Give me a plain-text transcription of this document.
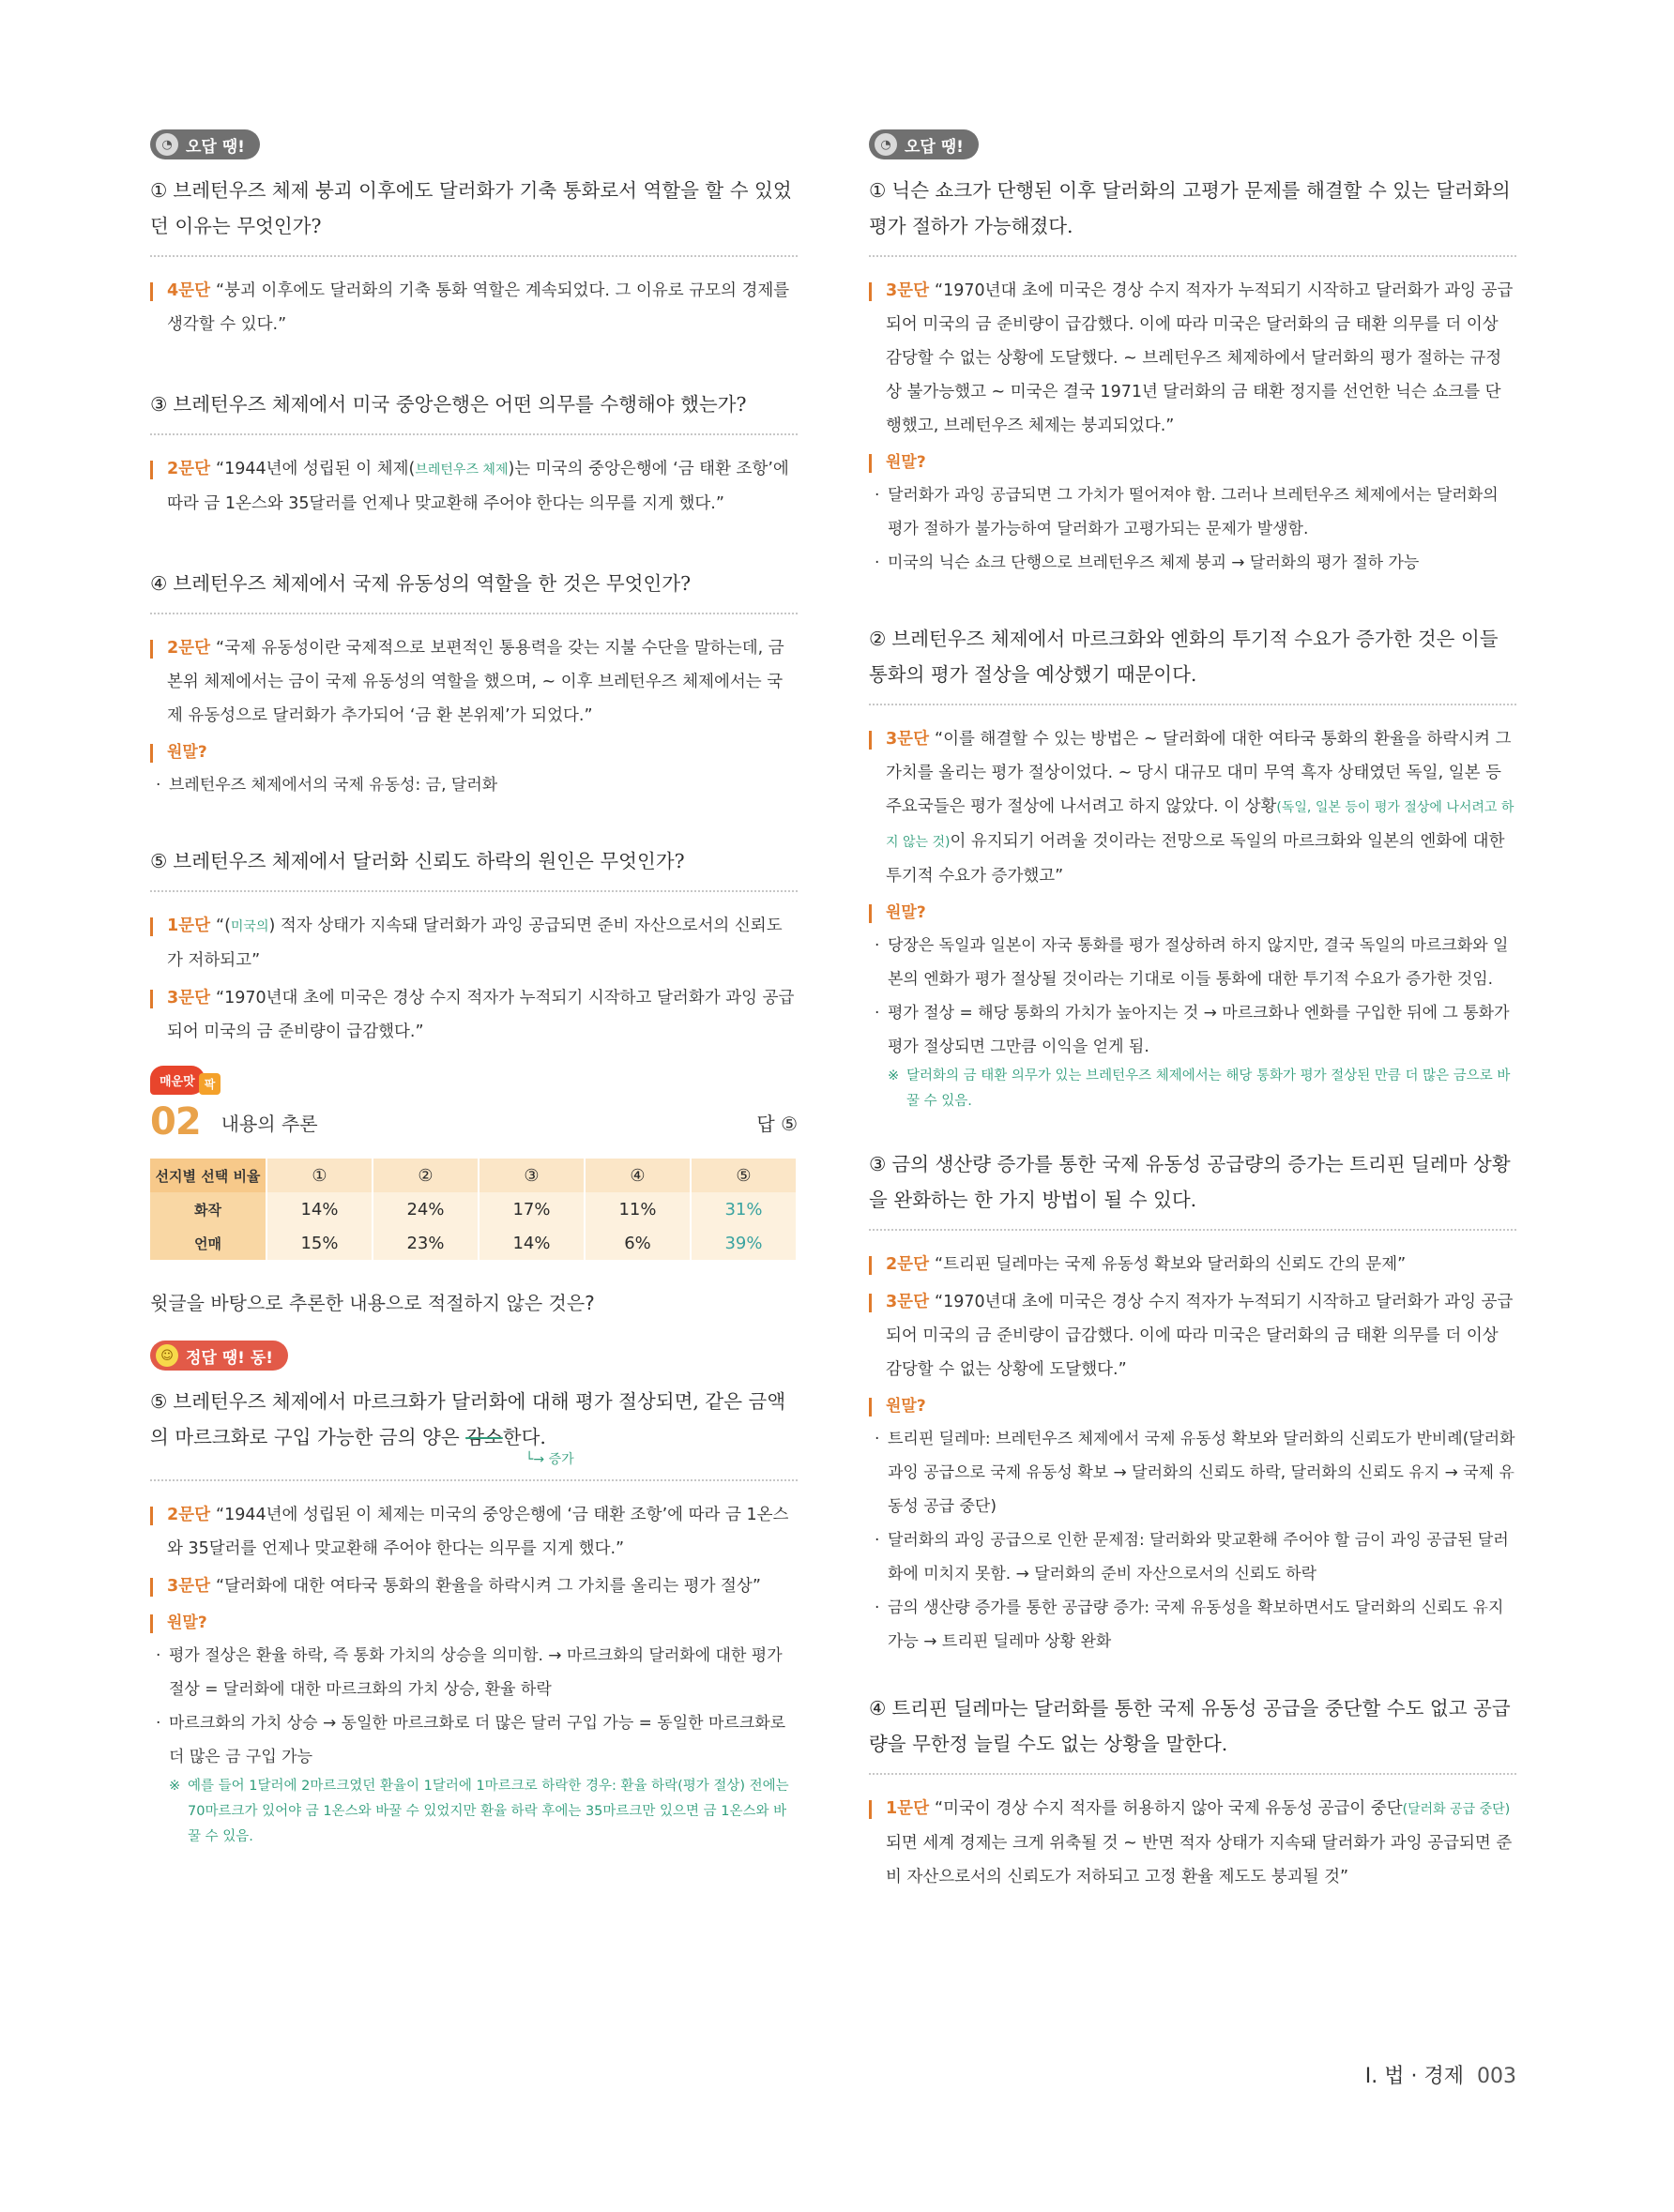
◔ 오답 땡!
① 브레턴우즈 체제 붕괴 이후에도 달러화가 기축 통화로서 역할을 할 수 있었던 이유는 무엇인가?
4문단 “붕괴 이후에도 달러화의 기축 통화 역할은 계속되었다. 그 이유로 규모의 경제를 생각할 수 있다.”
③ 브레턴우즈 체제에서 미국 중앙은행은 어떤 의무를 수행해야 했는가?
2문단 “1944년에 성립된 이 체제(브레턴우즈 체제)는 미국의 중앙은행에 ‘금 태환 조항’에 따라 금 1온스와 35달러를 언제나 맞교환해 주어야 한다는 의무를 지게 했다.”
④ 브레턴우즈 체제에서 국제 유동성의 역할을 한 것은 무엇인가?
2문단 “국제 유동성이란 국제적으로 보편적인 통용력을 갖는 지불 수단을 말하는데, 금 본위 체제에서는 금이 국제 유동성의 역할을 했으며, ~ 이후 브레턴우즈 체제에서는 국제 유동성으로 달러화가 추가되어 ‘금 환 본위제’가 되었다.”
원말?
· 브레턴우즈 체제에서의 국제 유동성: 금, 달러화
⑤ 브레턴우즈 체제에서 달러화 신뢰도 하락의 원인은 무엇인가?
1문단 “(미국의) 적자 상태가 지속돼 달러화가 과잉 공급되면 준비 자산으로서의 신뢰도가 저하되고”
3문단 “1970년대 초에 미국은 경상 수지 적자가 누적되기 시작하고 달러화가 과잉 공급되어 미국의 금 준비량이 급감했다.”
매운맛 팍
02 내용의 추론	답 ⑤
선지별 선택 비율	①	②	③	④	⑤
화작	14%	24%	17%	11%	31%
언매	15%	23%	14%	6%	39%
윗글을 바탕으로 추론한 내용으로 적절하지 않은 것은?
☺ 정답 땡! 동!
⑤ 브레턴우즈 체제에서 마르크화가 달러화에 대해 평가 절상되면, 같은 금액의 마르크화로 구입 가능한 금의 양은 감소한다.
└→ 증가
2문단 “1944년에 성립된 이 체제는 미국의 중앙은행에 ‘금 태환 조항’에 따라 금 1온스와 35달러를 언제나 맞교환해 주어야 한다는 의무를 지게 했다.”
3문단 “달러화에 대한 여타국 통화의 환율을 하락시켜 그 가치를 올리는 평가 절상”
원말?
· 평가 절상은 환율 하락, 즉 통화 가치의 상승을 의미함. → 마르크화의 달러화에 대한 평가 절상 = 달러화에 대한 마르크화의 가치 상승, 환율 하락
· 마르크화의 가치 상승 → 동일한 마르크화로 더 많은 달러 구입 가능 = 동일한 마르크화로 더 많은 금 구입 가능
※ 예를 들어 1달러에 2마르크였던 환율이 1달러에 1마르크로 하락한 경우: 환율 하락(평가 절상) 전에는 70마르크가 있어야 금 1온스와 바꿀 수 있었지만 환율 하락 후에는 35마르크만 있으면 금 1온스와 바꿀 수 있음.
◔ 오답 땡!
① 닉슨 쇼크가 단행된 이후 달러화의 고평가 문제를 해결할 수 있는 달러화의 평가 절하가 가능해졌다.
3문단 “1970년대 초에 미국은 경상 수지 적자가 누적되기 시작하고 달러화가 과잉 공급되어 미국의 금 준비량이 급감했다. 이에 따라 미국은 달러화의 금 태환 의무를 더 이상 감당할 수 없는 상황에 도달했다. ~ 브레턴우즈 체제하에서 달러화의 평가 절하는 규정상 불가능했고 ~ 미국은 결국 1971년 달러화의 금 태환 정지를 선언한 닉슨 쇼크를 단행했고, 브레턴우즈 체제는 붕괴되었다.”
원말?
· 달러화가 과잉 공급되면 그 가치가 떨어져야 함. 그러나 브레턴우즈 체제에서는 달러화의 평가 절하가 불가능하여 달러화가 고평가되는 문제가 발생함.
· 미국의 닉슨 쇼크 단행으로 브레턴우즈 체제 붕괴 → 달러화의 평가 절하 가능
② 브레턴우즈 체제에서 마르크화와 엔화의 투기적 수요가 증가한 것은 이들 통화의 평가 절상을 예상했기 때문이다.
3문단 “이를 해결할 수 있는 방법은 ~ 달러화에 대한 여타국 통화의 환율을 하락시켜 그 가치를 올리는 평가 절상이었다. ~ 당시 대규모 대미 무역 흑자 상태였던 독일, 일본 등 주요국들은 평가 절상에 나서려고 하지 않았다. 이 상황(독일, 일본 등이 평가 절상에 나서려고 하지 않는 것)이 유지되기 어려울 것이라는 전망으로 독일의 마르크화와 일본의 엔화에 대한 투기적 수요가 증가했고”
원말?
· 당장은 독일과 일본이 자국 통화를 평가 절상하려 하지 않지만, 결국 독일의 마르크화와 일본의 엔화가 평가 절상될 것이라는 기대로 이들 통화에 대한 투기적 수요가 증가한 것임.
· 평가 절상 = 해당 통화의 가치가 높아지는 것 → 마르크화나 엔화를 구입한 뒤에 그 통화가 평가 절상되면 그만큼 이익을 얻게 됨.
※ 달러화의 금 태환 의무가 있는 브레턴우즈 체제에서는 해당 통화가 평가 절상된 만큼 더 많은 금으로 바꿀 수 있음.
③ 금의 생산량 증가를 통한 국제 유동성 공급량의 증가는 트리핀 딜레마 상황을 완화하는 한 가지 방법이 될 수 있다.
2문단 “트리핀 딜레마는 국제 유동성 확보와 달러화의 신뢰도 간의 문제”
3문단 “1970년대 초에 미국은 경상 수지 적자가 누적되기 시작하고 달러화가 과잉 공급되어 미국의 금 준비량이 급감했다. 이에 따라 미국은 달러화의 금 태환 의무를 더 이상 감당할 수 없는 상황에 도달했다.”
원말?
· 트리핀 딜레마: 브레턴우즈 체제에서 국제 유동성 확보와 달러화의 신뢰도가 반비례(달러화 과잉 공급으로 국제 유동성 확보 → 달러화의 신뢰도 하락, 달러화의 신뢰도 유지 → 국제 유동성 공급 중단)
· 달러화의 과잉 공급으로 인한 문제점: 달러화와 맞교환해 주어야 할 금이 과잉 공급된 달러화에 미치지 못함. → 달러화의 준비 자산으로서의 신뢰도 하락
· 금의 생산량 증가를 통한 공급량 증가: 국제 유동성을 확보하면서도 달러화의 신뢰도 유지 가능 → 트리핀 딜레마 상황 완화
④ 트리핀 딜레마는 달러화를 통한 국제 유동성 공급을 중단할 수도 없고 공급량을 무한정 늘릴 수도 없는 상황을 말한다.
1문단 “미국이 경상 수지 적자를 허용하지 않아 국제 유동성 공급이 중단(달러화 공급 중단)되면 세계 경제는 크게 위축될 것 ~ 반면 적자 상태가 지속돼 달러화가 과잉 공급되면 준비 자산으로서의 신뢰도가 저하되고 고정 환율 제도도 붕괴될 것”
Ⅰ. 법 · 경제 003
